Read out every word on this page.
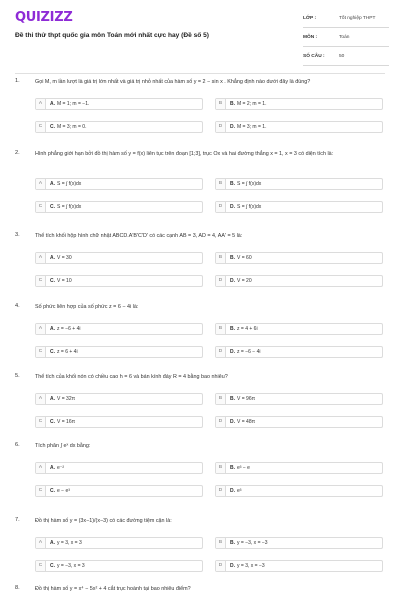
QUIZIZZ
Đề thi thử thpt quốc gia môn Toán mới nhất cực hay (Đề số 5)
LỚP :	Tốt nghiệp THPT
MÔN :	Toán
SỐ CÂU :	50
1.	Gọi M, m lần lượt là giá trị lớn nhất và giá trị nhỏ nhất của hàm số y = 2 − sin x . Khẳng định nào dưới đây là đúng?
A	A. M = 1; m = −1.	B	B. M = 2; m = 1.
C	C. M = 3; m = 0.	D	D. M = 3; m = 1.
2.	Hình phẳng giới hạn bởi đồ thị hàm số y = f(x) liên tục trên đoạn [1;3], trục Ox và hai đường thẳng x = 1, x = 3 có diện tích là:
A	A. S = ∫ f(x)dx	B	B. S = ∫ f(x)dx
C	C. S = ∫ f(x)dx	D	D. S = ∫ f(x)dx
3.	Thể tích khối hộp hình chữ nhật ABCD.A'B'C'D' có các cạnh AB = 3, AD = 4, AA' = 5 là:
A	A. V = 30	B	B. V = 60
C	C. V = 10	D	D. V = 20
4.	Số phức liên hợp của số phức z = 6 − 4i là:
A	A. z = −6 + 4i	B	B. z = 4 + 6i
C	C. z = 6 + 4i	D	D. z = −6 − 4i
5.	Thể tích của khối nón có chiều cao h = 6 và bán kính đáy R = 4 bằng bao nhiêu?
A	A. V = 32π	B	B. V = 96π
C	C. V = 16π	D	D. V = 48π
6.	Tích phân ∫ eˣ dx bằng:
A	A. e⁻²	B	B. e³ − e
C	C. e − e³	D	D. e³
7.	Đồ thị hàm số y = (3x−1)/(x−3) có các đường tiệm cận là:
A	A. y = 3, x = 3	B	B. y = −3, x = −3
C	C. y = −3, x = 3	D	D. y = 3, x = −3
8.	Đồ thị hàm số y = x⁴ − 5x² + 4 cắt trục hoành tại bao nhiêu điểm?
